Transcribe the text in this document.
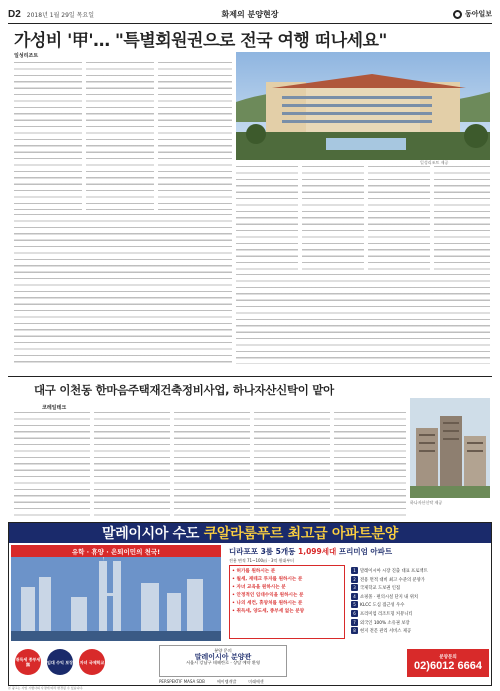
D2 2018년 1월 29일 목요일	화제의 분양현장	동아일보
가성비 '甲'… "특별회원권으로 전국 여행 떠나세요"
일성리조트
일성리조트 제공
대구 이천동 한마음주택재건축정비사업, 하나자산신탁이 맡아
코레일테크
하나자산신탁 제공
말레이시아 수도 쿠알라룸푸르 최고급 아파트분양
유학 · 휴양 · 은퇴이민의 천국!	디라포포 3룸 5개동 1,099세대 프리미엄 아파트
전용 면적 71~100㎡ · 3억 원대부터
• 허가를 원하시는 분
• 월세, 재테크 투자를 원하시는 분
• 자녀 교육을 원하시는 분
• 안정적인 임대수익을 원하시는 분
• 나의 세컨, 휴양처를 원하시는 분
• 취득세, 양도세, 종부세 없는 분양
1 말레이시아 시장 진출 대표 프로젝트
2 전용 면적 대비 최고 수준의 분양가
3 국제학교 도보권 인접
4 쇼핑몰 · 편의시설 단지 내 위치
5 KLCC 도심 접근성 우수
6 프리미엄 리조트형 커뮤니티
7 외국인 100% 소유권 보장
8 현지 전문 관리 서비스 제공
취득세 종부세 無	임대 수익 보장 자녀 국제학교
분양 문의
말레이시아 분양관
서울시 강남구 테헤란로 · 상담 예약 환영
분양문의
02)6012 6664
PERSPEKTIF MASA SDB	에이엠개발	미래에셋
본 광고는 사업 시행사의 사정에 따라 변경될 수 있습니다.
